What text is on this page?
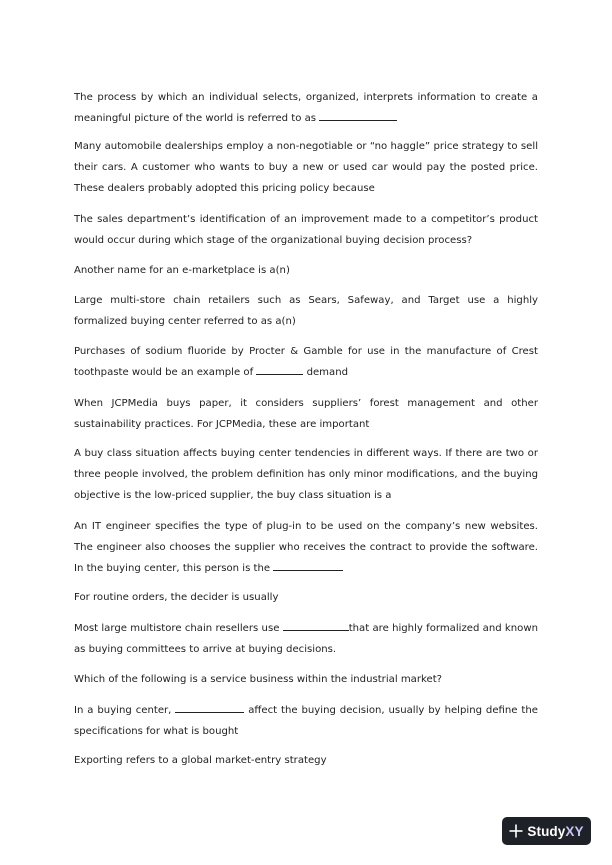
The process by which an individual selects, organized, interprets information to create a meaningful picture of the world is referred to as

Many automobile dealerships employ a non-negotiable or “no haggle” price strategy to sell their cars. A customer who wants to buy a new or used car would pay the posted price. These dealers probably adopted this pricing policy because

The sales department’s identification of an improvement made to a competitor’s product would occur during which stage of the organizational buying decision process?

Another name for an e-marketplace is a(n)

Large multi-store chain retailers such as Sears, Safeway, and Target use a highly formalized buying center referred to as a(n)

Purchases of sodium fluoride by Procter & Gamble for use in the manufacture of Crest toothpaste would be an example of	demand

When JCPMedia buys paper, it considers suppliers’ forest management and other sustainability practices. For JCPMedia, these are important

A buy class situation affects buying center tendencies in different ways. If there are two or three people involved, the problem definition has only minor modifications, and the buying objective is the low-priced supplier, the buy class situation is a

An IT engineer specifies the type of plug-in to be used on the company’s new websites. The engineer also chooses the supplier who receives the contract to provide the software. In the buying center, this person is the

For routine orders, the decider is usually

Most large multistore chain resellers use	that are highly formalized and known as buying committees to arrive at buying decisions.

Which of the following is a service business within the industrial market?

In a buying center,	affect the buying decision, usually by helping define the specifications for what is bought

Exporting refers to a global market-entry strategy

StudyXY
